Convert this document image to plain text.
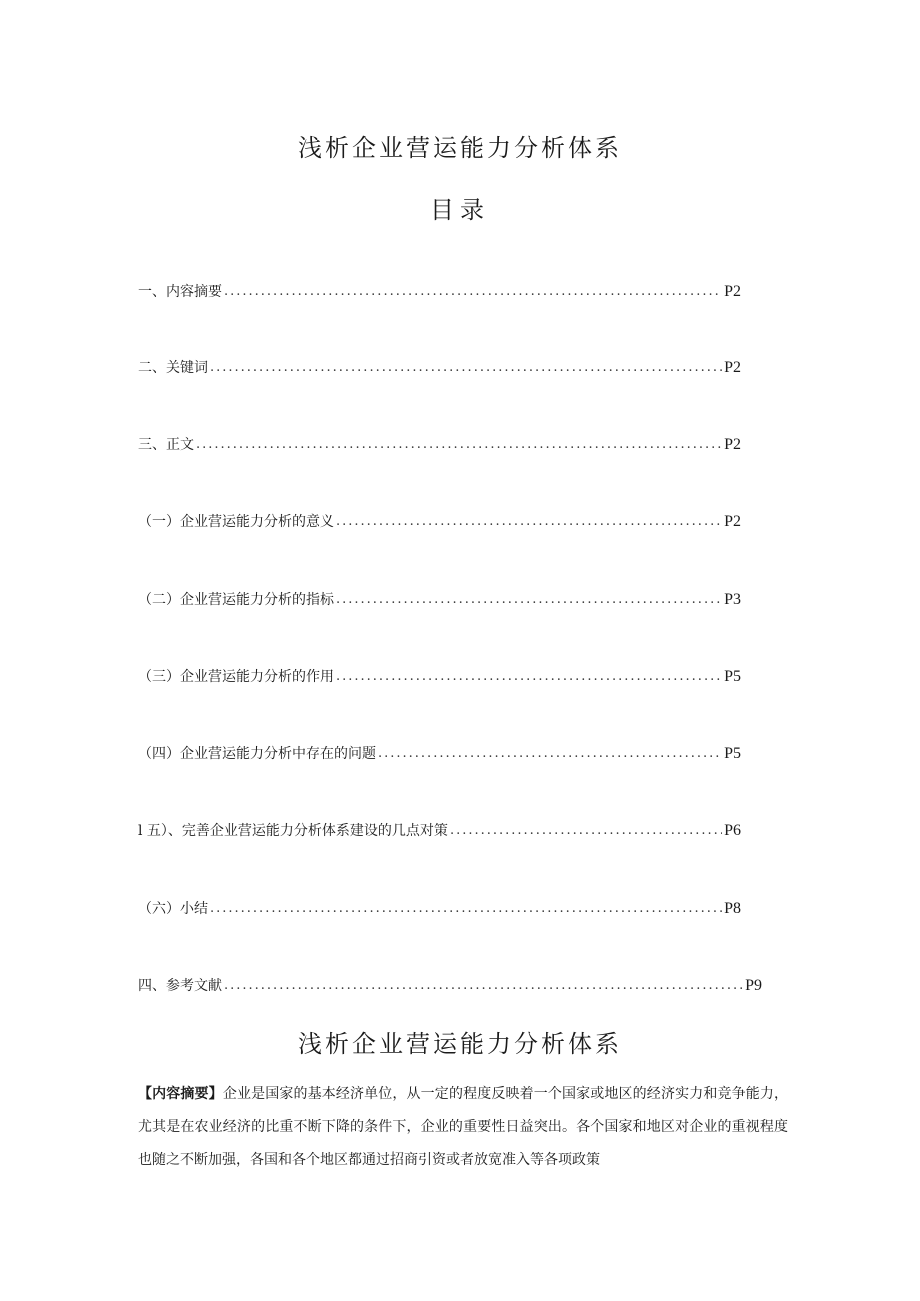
浅析企业营运能力分析体系
目录
一、内容摘要 .....	P2
二、关键词 .....	P2
三、正文 .....	P2
（一）企业营运能力分析的意义 .....	P2
（二）企业营运能力分析的指标 .....	P3
（三）企业营运能力分析的作用 .....	P5
（四）企业营运能力分析中存在的问题 .....	P5
l 五）、完善企业营运能力分析体系建设的几点对策 .....	P6
（六）小结 .....	P8
四、参考文献 .....	P9
浅析企业营运能力分析体系

【内容摘要】企业是国家的基本经济单位，从一定的程度反映着一个国家或地区的经济实力和竞争能力，尤其是在农业经济的比重不断下降的条件下，企业的重要性日益突出。各个国家和地区对企业的重视程度也随之不断加强，各国和各个地区都通过招商引资或者放宽准入等各项政策
